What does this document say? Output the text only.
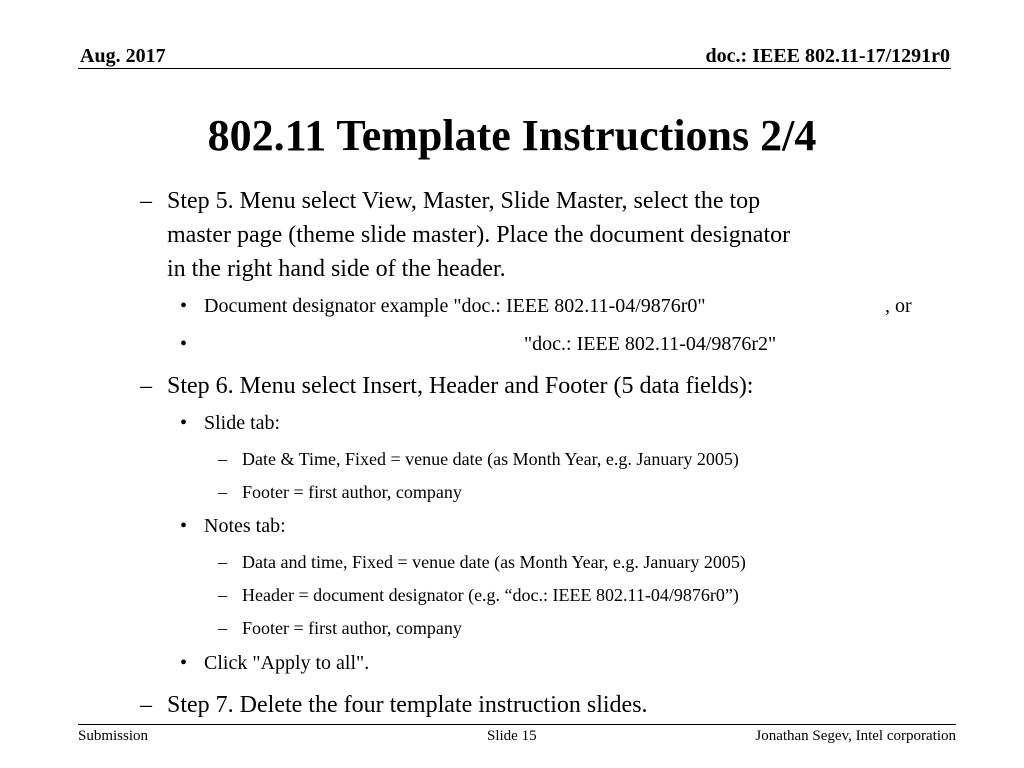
Aug. 2017	doc.: IEEE 802.11-17/1291r0
802.11 Template Instructions 2/4
– Step 5. Menu select View, Master, Slide Master, select the top
master page (theme slide master). Place the document designator
in the right hand side of the header.
• Document designator example "doc.: IEEE 802.11-04/9876r0"	, or
•	"doc.: IEEE 802.11-04/9876r2"
– Step 6. Menu select Insert, Header and Footer (5 data fields):
• Slide tab:
– Date & Time, Fixed = venue date (as Month Year, e.g. January 2005)
– Footer = first author, company
• Notes tab:
– Data and time, Fixed = venue date (as Month Year, e.g. January 2005)
– Header = document designator (e.g. “doc.: IEEE 802.11-04/9876r0”)
– Footer = first author, company
• Click "Apply to all".
– Step 7. Delete the four template instruction slides.
Submission	Slide 15	Jonathan Segev, Intel corporation
